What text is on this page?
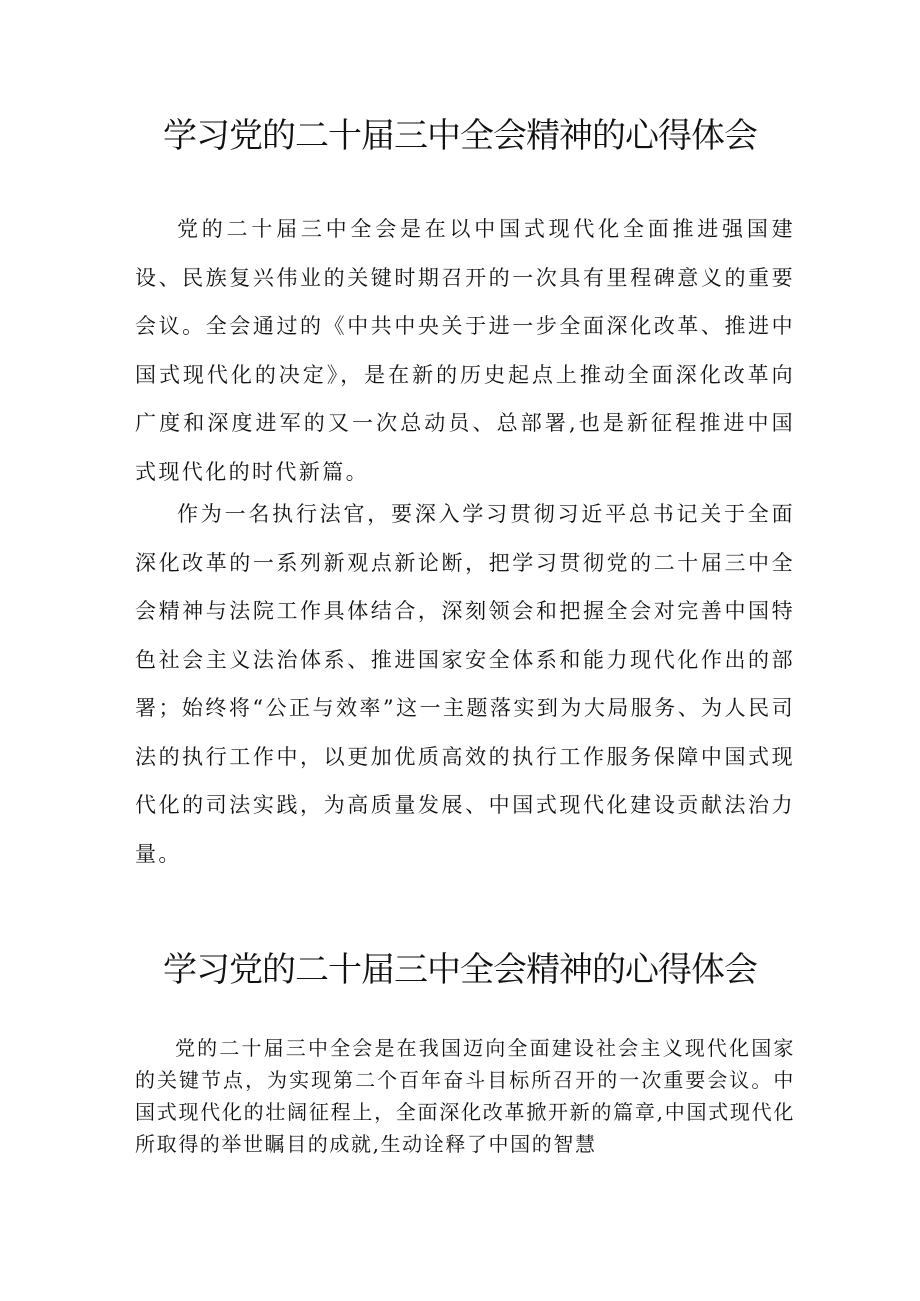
学习党的二十届三中全会精神的心得体会

党的二十届三中全会是在以中国式现代化全面推进强国建设、民族复兴伟业的关键时期召开的一次具有里程碑意义的重要会议。全会通过的《中共中央关于进一步全面深化改革、推进中国式现代化的决定》，是在新的历史起点上推动全面深化改革向广度和深度进军的又一次总动员、总部署,也是新征程推进中国式现代化的时代新篇。

作为一名执行法官，要深入学习贯彻习近平总书记关于全面深化改革的一系列新观点新论断，把学习贯彻党的二十届三中全会精神与法院工作具体结合，深刻领会和把握全会对完善中国特色社会主义法治体系、推进国家安全体系和能力现代化作出的部署；始终将“公正与效率”这一主题落实到为大局服务、为人民司法的执行工作中，以更加优质高效的执行工作服务保障中国式现代化的司法实践，为高质量发展、中国式现代化建设贡献法治力量。

学习党的二十届三中全会精神的心得体会

党的二十届三中全会是在我国迈向全面建设社会主义现代化国家的关键节点，为实现第二个百年奋斗目标所召开的一次重要会议。中国式现代化的壮阔征程上，全面深化改革掀开新的篇章,中国式现代化所取得的举世瞩目的成就,生动诠释了中国的智慧
